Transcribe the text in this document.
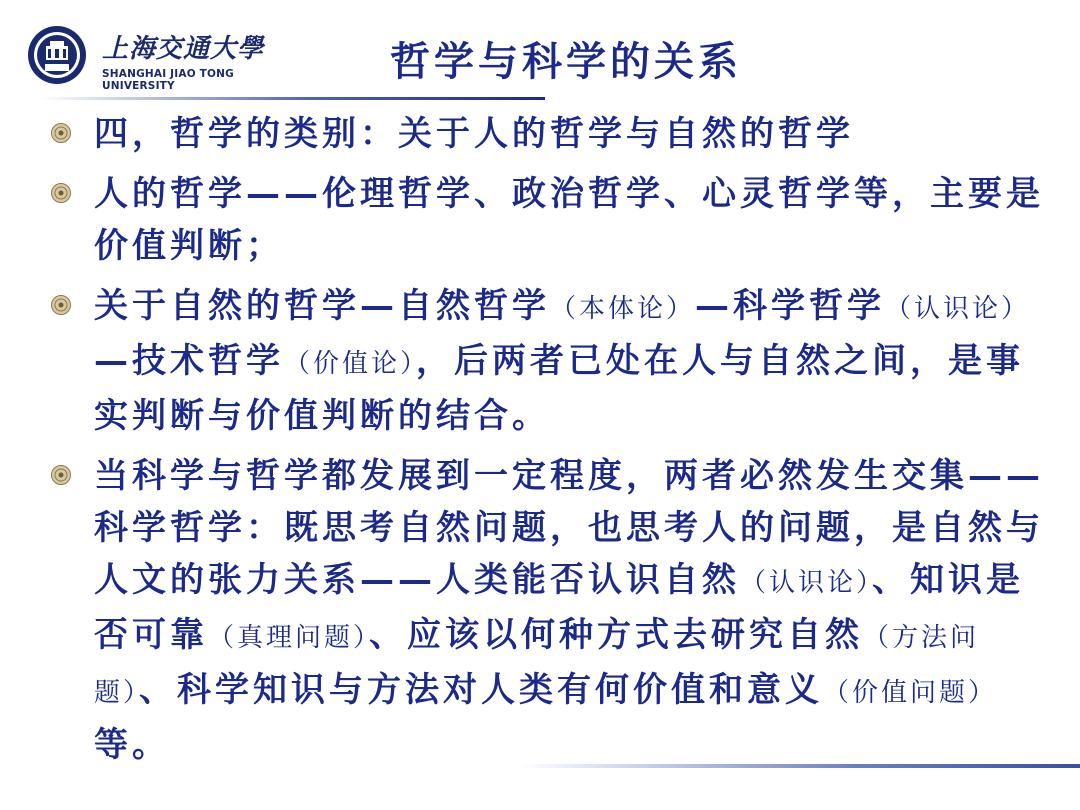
上海交通大學
SHANGHAI JIAO TONG UNIVERSITY
哲学与科学的关系
四，哲学的类别：关于人的哲学与自然的哲学
人的哲学——伦理哲学、政治哲学、心灵哲学等，主要是价值判断；
关于自然的哲学—自然哲学（本体论）—科学哲学（认识论）—技术哲学（价值论），后两者已处在人与自然之间，是事实判断与价值判断的结合。
当科学与哲学都发展到一定程度，两者必然发生交集——科学哲学：既思考自然问题，也思考人的问题，是自然与人文的张力关系——人类能否认识自然（认识论）、知识是否可靠（真理问题）、应该以何种方式去研究自然（方法问题）、科学知识与方法对人类有何价值和意义（价值问题）等。
